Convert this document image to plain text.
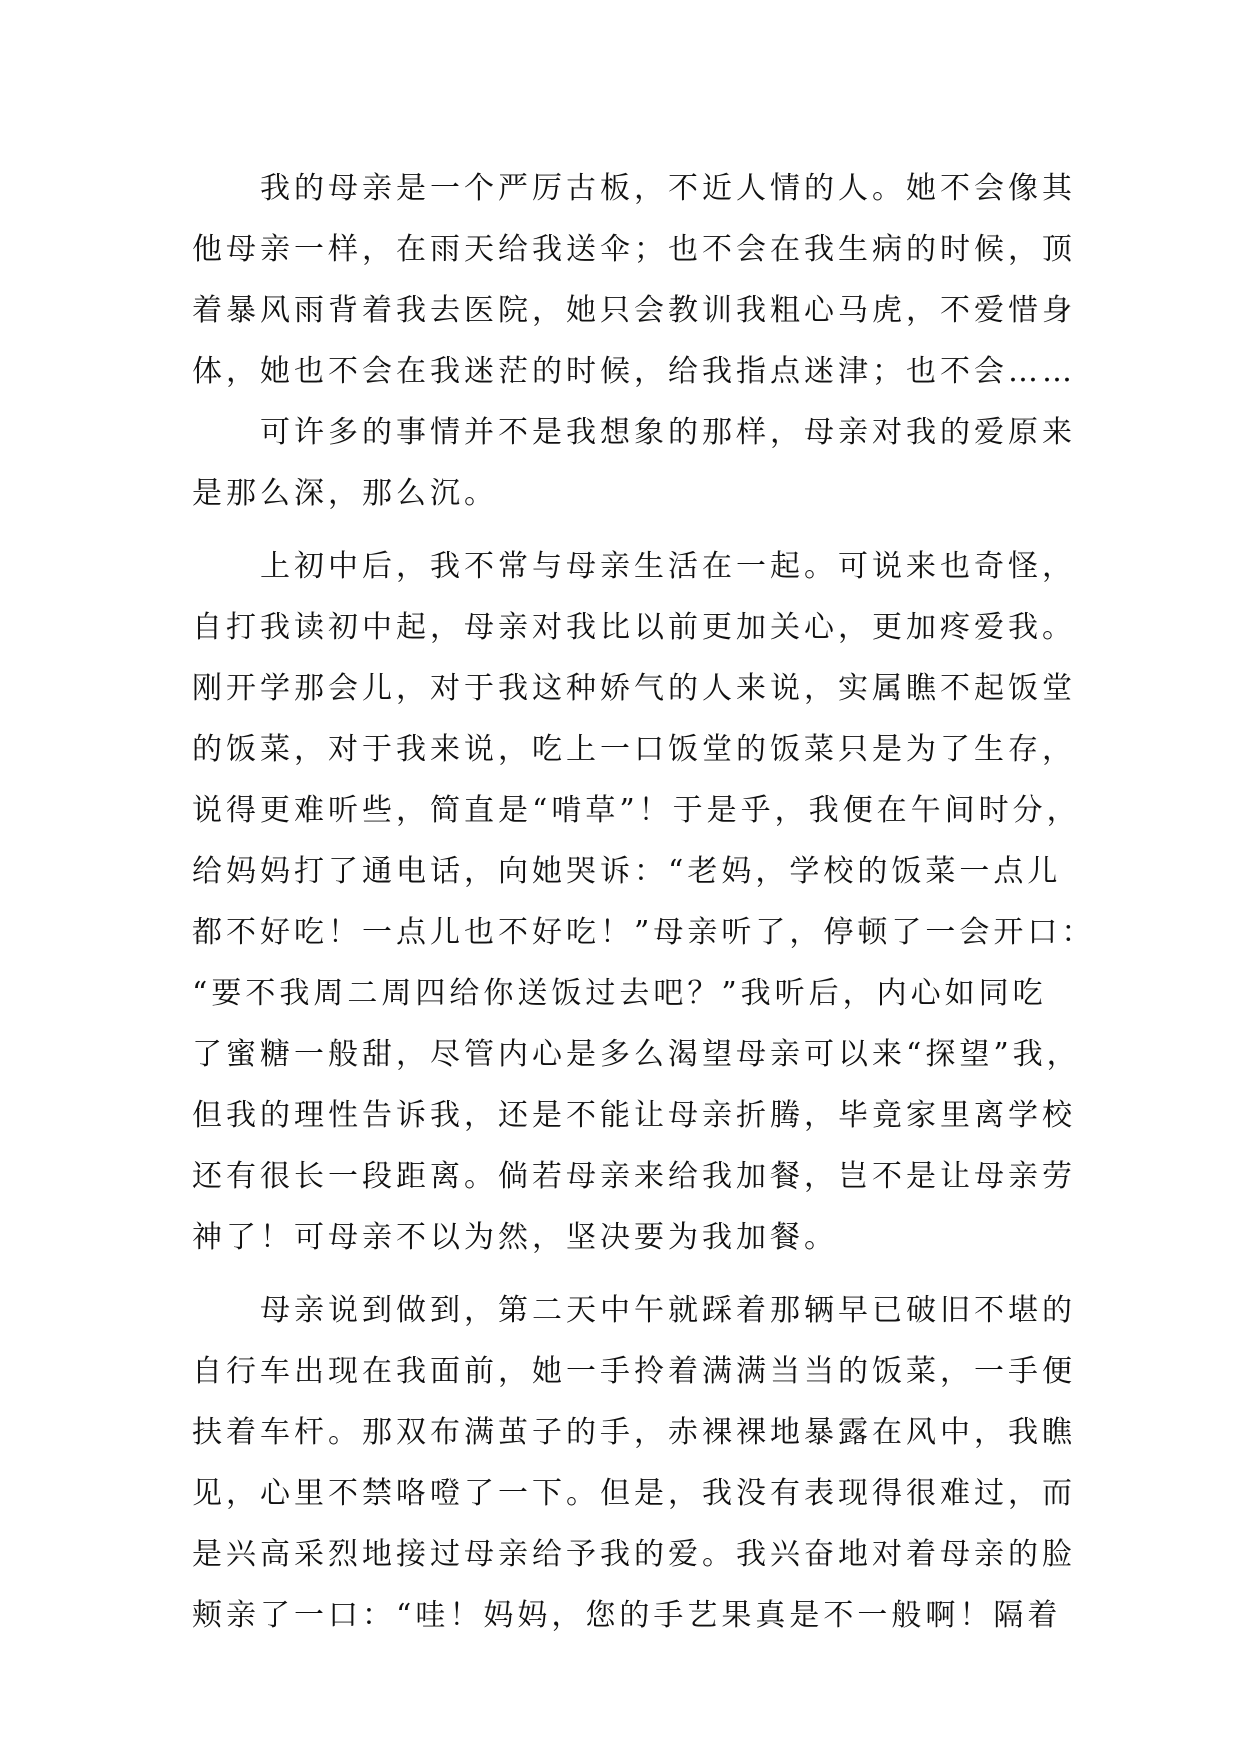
　　我的母亲是一个严厉古板，不近人情的人。她不会像其
他母亲一样，在雨天给我送伞；也不会在我生病的时候，顶
着暴风雨背着我去医院，她只会教训我粗心马虎，不爱惜身
体，她也不会在我迷茫的时候，给我指点迷津；也不会……
　　可许多的事情并不是我想象的那样，母亲对我的爱原来
是那么深，那么沉。
　　上初中后，我不常与母亲生活在一起。可说来也奇怪，
自打我读初中起，母亲对我比以前更加关心，更加疼爱我。
刚开学那会儿，对于我这种娇气的人来说，实属瞧不起饭堂
的饭菜，对于我来说，吃上一口饭堂的饭菜只是为了生存，
说得更难听些，简直是“啃草”！于是乎，我便在午间时分，
给妈妈打了通电话，向她哭诉：“老妈，学校的饭菜一点儿
都不好吃！一点儿也不好吃！”母亲听了，停顿了一会开口：
“要不我周二周四给你送饭过去吧？”我听后，内心如同吃
了蜜糖一般甜，尽管内心是多么渴望母亲可以来“探望”我，
但我的理性告诉我，还是不能让母亲折腾，毕竟家里离学校
还有很长一段距离。倘若母亲来给我加餐，岂不是让母亲劳
神了！可母亲不以为然，坚决要为我加餐。
　　母亲说到做到，第二天中午就踩着那辆早已破旧不堪的
自行车出现在我面前，她一手拎着满满当当的饭菜，一手便
扶着车杆。那双布满茧子的手，赤裸裸地暴露在风中，我瞧
见，心里不禁咯噔了一下。但是，我没有表现得很难过，而
是兴高采烈地接过母亲给予我的爱。我兴奋地对着母亲的脸
颊亲了一口：“哇！妈妈，您的手艺果真是不一般啊！隔着
